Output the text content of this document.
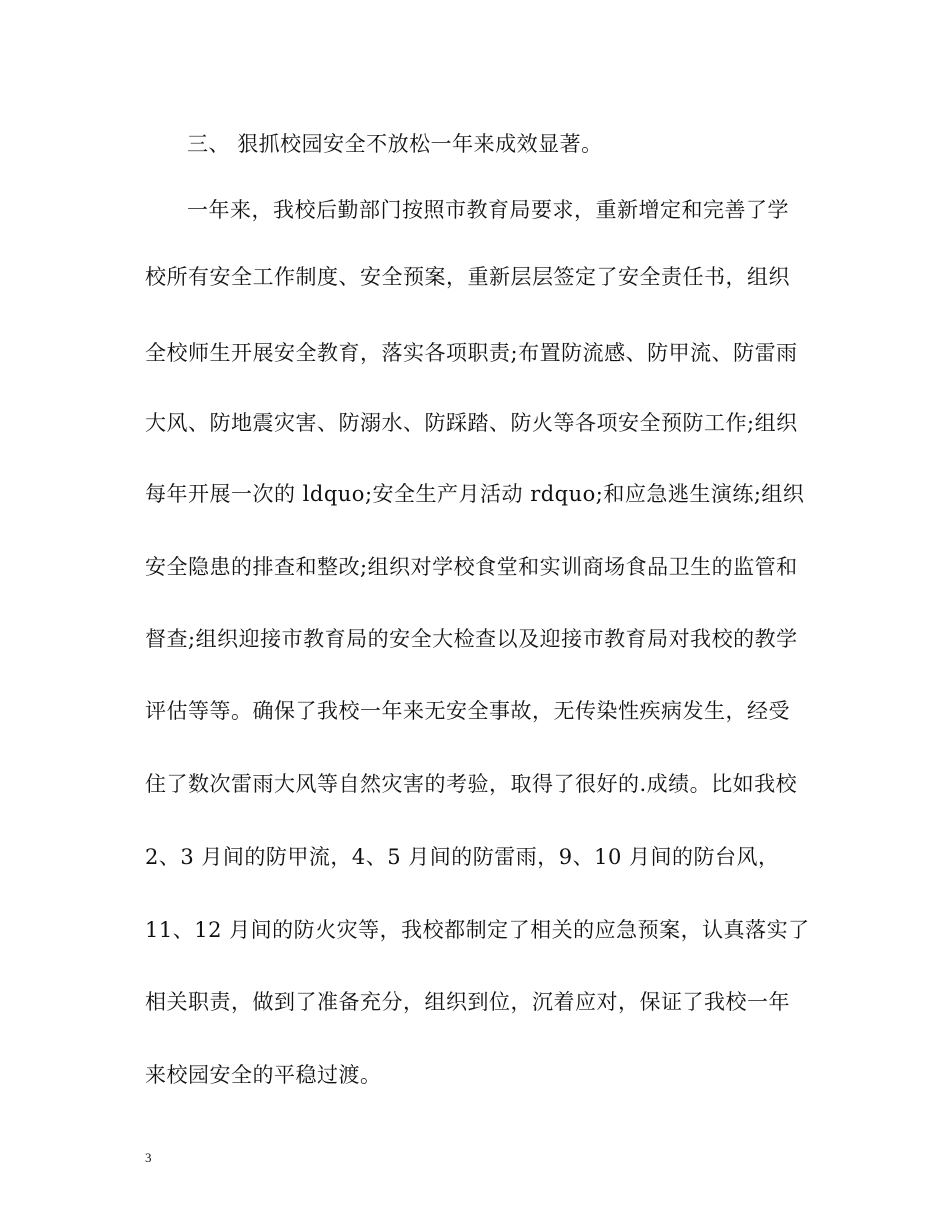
三、 狠抓校园安全不放松一年来成效显著。
一年来，我校后勤部门按照市教育局要求，重新增定和完善了学
校所有安全工作制度、安全预案，重新层层签定了安全责任书，组织
全校师生开展安全教育，落实各项职责;布置防流感、防甲流、防雷雨
大风、防地震灾害、防溺水、防踩踏、防火等各项安全预防工作;组织
每年开展一次的 ldquo;安全生产月活动 rdquo;和应急逃生演练;组织
安全隐患的排查和整改;组织对学校食堂和实训商场食品卫生的监管和
督查;组织迎接市教育局的安全大检查以及迎接市教育局对我校的教学
评估等等。确保了我校一年来无安全事故，无传染性疾病发生，经受
住了数次雷雨大风等自然灾害的考验，取得了很好的.成绩。比如我校
2、3 月间的防甲流，4、5 月间的防雷雨，9、10 月间的防台风，
11、12 月间的防火灾等，我校都制定了相关的应急预案，认真落实了
相关职责，做到了准备充分，组织到位，沉着应对，保证了我校一年
来校园安全的平稳过渡。
3
